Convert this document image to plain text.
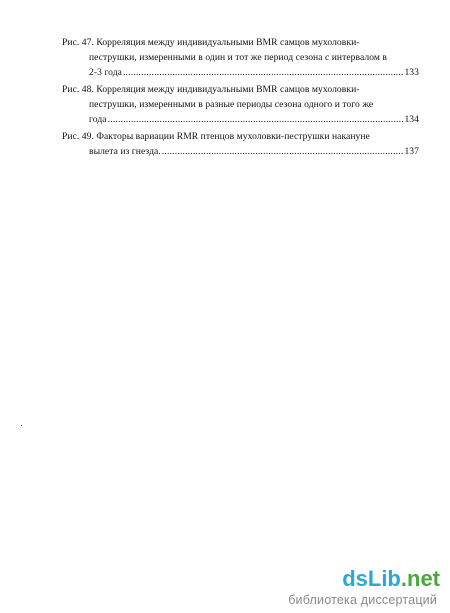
Рис. 47. Корреляция между индивидуальными BMR самцов мухоловки-
пеструшки, измеренными в один и тот же период сезона с интервалом в
2-3 года .....	133
Рис. 48. Корреляция между индивидуальными BMR самцов мухоловки-
пеструшки, измеренными в разные периоды сезона одного и того же
года .....	134
Рис. 49. Факторы вариации RMR птенцов мухоловки-пеструшки накануне
вылета из гнезда. .....	137
ds Lib . net
библиотека диссертаций
